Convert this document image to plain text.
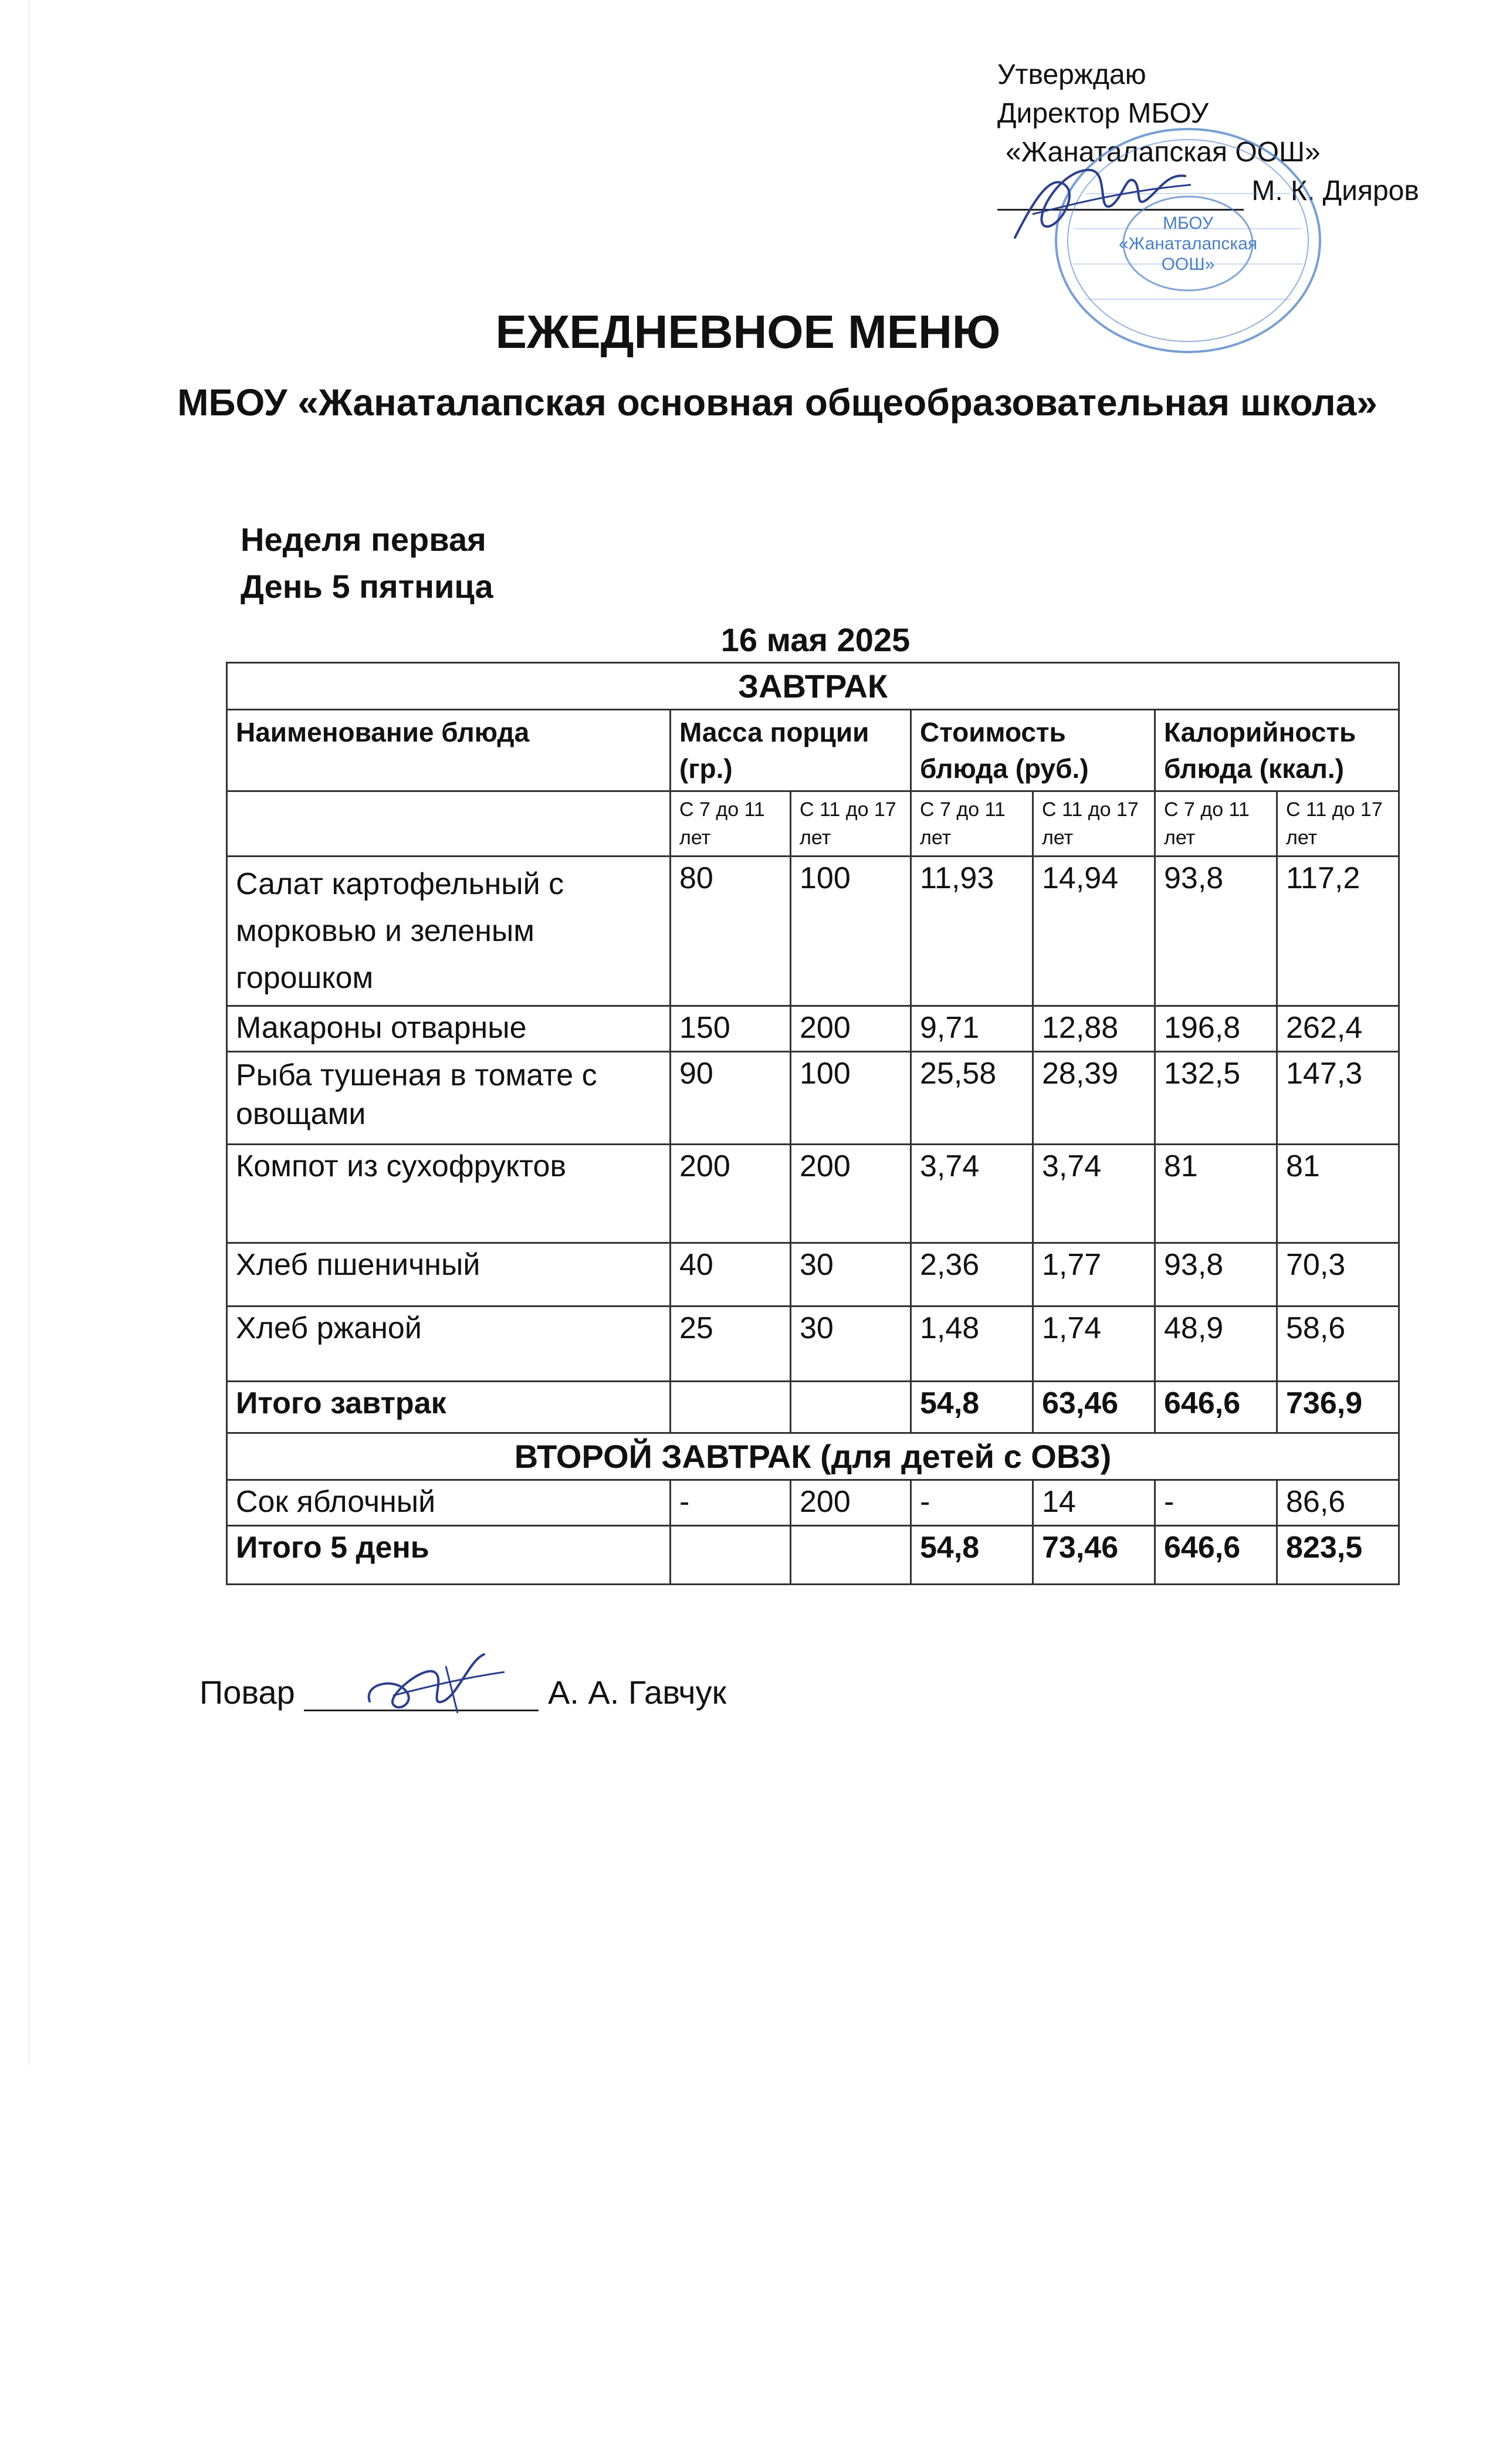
Утверждаю
Директор МБОУ
«Жанаталапская ООШ»
М. К. Дияров
МБОУ
«Жанаталапская
ООШ»
ЕЖЕДНЕВНОЕ МЕНЮ
МБОУ «Жанаталапская основная общеобразовательная школа»
Неделя первая
День 5 пятница
16 мая 2025
ЗАВТРАК						
Наименование блюда	Масса порции (гр.)		Стоимость блюда (руб.)		Калорийность блюда (ккал.)	
	С 7 до 11 лет	С 11 до 17 лет	С 7 до 11 лет	С 11 до 17 лет	С 7 до 11 лет	С 11 до 17 лет
Салат картофельный с морковью и зеленым горошком	80	100	11,93	14,94	93,8	117,2
Макароны отварные	150	200	9,71	12,88	196,8	262,4
Рыба тушеная в томате с овощами	90	100	25,58	28,39	132,5	147,3
Компот из сухофруктов	200	200	3,74	3,74	81	81
Хлеб пшеничный	40	30	2,36	1,77	93,8	70,3
Хлеб ржаной	25	30	1,48	1,74	48,9	58,6
Итого завтрак			54,8	63,46	646,6	736,9
ВТОРОЙ ЗАВТРАК (для детей с ОВЗ)						
Сок яблочный	-	200	-	14	-	86,6
Итого 5 день			54,8	73,46	646,6	823,5
Повар	А. А. Гавчук
